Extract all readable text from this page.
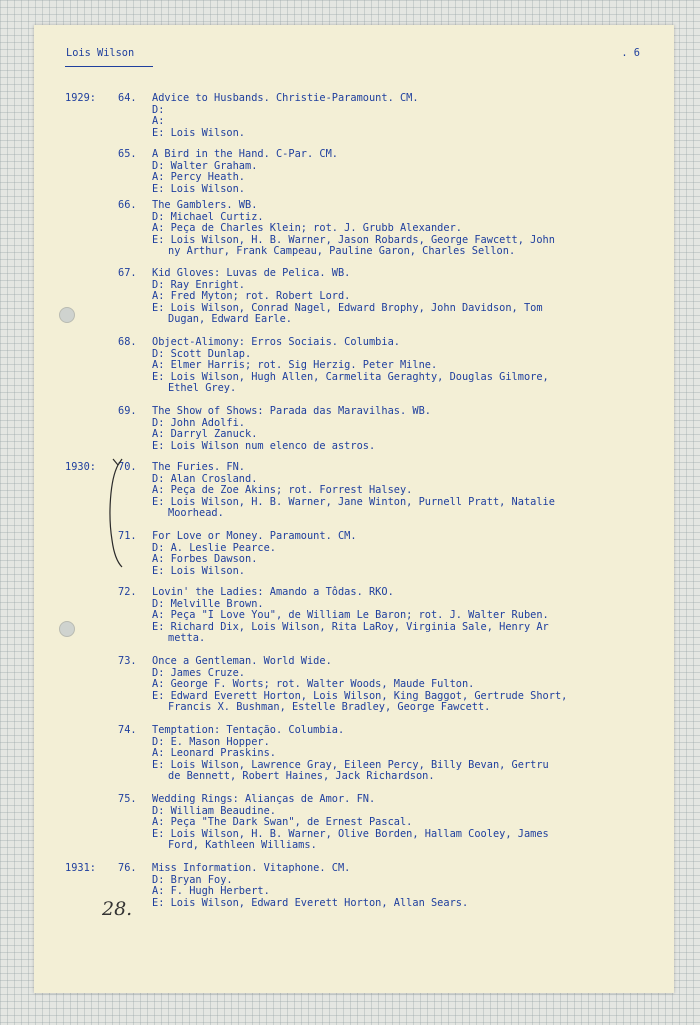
Lois Wilson	. 6
1929:	64. Advice to Husbands. Christie-Paramount. CM.
D:
A:
E: Lois Wilson.
65. A Bird in the Hand. C-Par. CM.
D: Walter Graham.
A: Percy Heath.
E: Lois Wilson.
66. The Gamblers. WB.
D: Michael Curtiz.
A: Peça de Charles Klein; rot. J. Grubb Alexander.
E: Lois Wilson, H. B. Warner, Jason Robards, George Fawcett, John
ny Arthur, Frank Campeau, Pauline Garon, Charles Sellon.
67. Kid Gloves: Luvas de Pelica. WB.
D: Ray Enright.
A: Fred Myton; rot. Robert Lord.
E: Lois Wilson, Conrad Nagel, Edward Brophy, John Davidson, Tom
Dugan, Edward Earle.
68. Object-Alimony: Erros Sociais. Columbia.
D: Scott Dunlap.
A: Elmer Harris; rot. Sig Herzig. Peter Milne.
E: Lois Wilson, Hugh Allen, Carmelita Geraghty, Douglas Gilmore,
Ethel Grey.
69. The Show of Shows: Parada das Maravilhas. WB.
D: John Adolfi.
A: Darryl Zanuck.
E: Lois Wilson num elenco de astros.
1930:	70. The Furies. FN.
D: Alan Crosland.
A: Peça de Zoe Akins; rot. Forrest Halsey.
E: Lois Wilson, H. B. Warner, Jane Winton, Purnell Pratt, Natalie
Moorhead.
71. For Love or Money. Paramount. CM.
D: A. Leslie Pearce.
A: Forbes Dawson.
E: Lois Wilson.
72. Lovin' the Ladies: Amando a Tôdas. RKO.
D: Melville Brown.
A: Peça "I Love You", de William Le Baron; rot. J. Walter Ruben.
E: Richard Dix, Lois Wilson, Rita LaRoy, Virginia Sale, Henry Ar
metta.
73. Once a Gentleman. World Wide.
D: James Cruze.
A: George F. Worts; rot. Walter Woods, Maude Fulton.
E: Edward Everett Horton, Lois Wilson, King Baggot, Gertrude Short,
Francis X. Bushman, Estelle Bradley, George Fawcett.
74. Temptation: Tentação. Columbia.
D: E. Mason Hopper.
A: Leonard Praskins.
E: Lois Wilson, Lawrence Gray, Eileen Percy, Billy Bevan, Gertru
de Bennett, Robert Haines, Jack Richardson.
75. Wedding Rings: Alianças de Amor. FN.
D: William Beaudine.
A: Peça "The Dark Swan", de Ernest Pascal.
E: Lois Wilson, H. B. Warner, Olive Borden, Hallam Cooley, James
Ford, Kathleen Williams.
1931:	76. Miss Information. Vitaphone. CM.
D: Bryan Foy.
A: F. Hugh Herbert.
E: Lois Wilson, Edward Everett Horton, Allan Sears.
28.
